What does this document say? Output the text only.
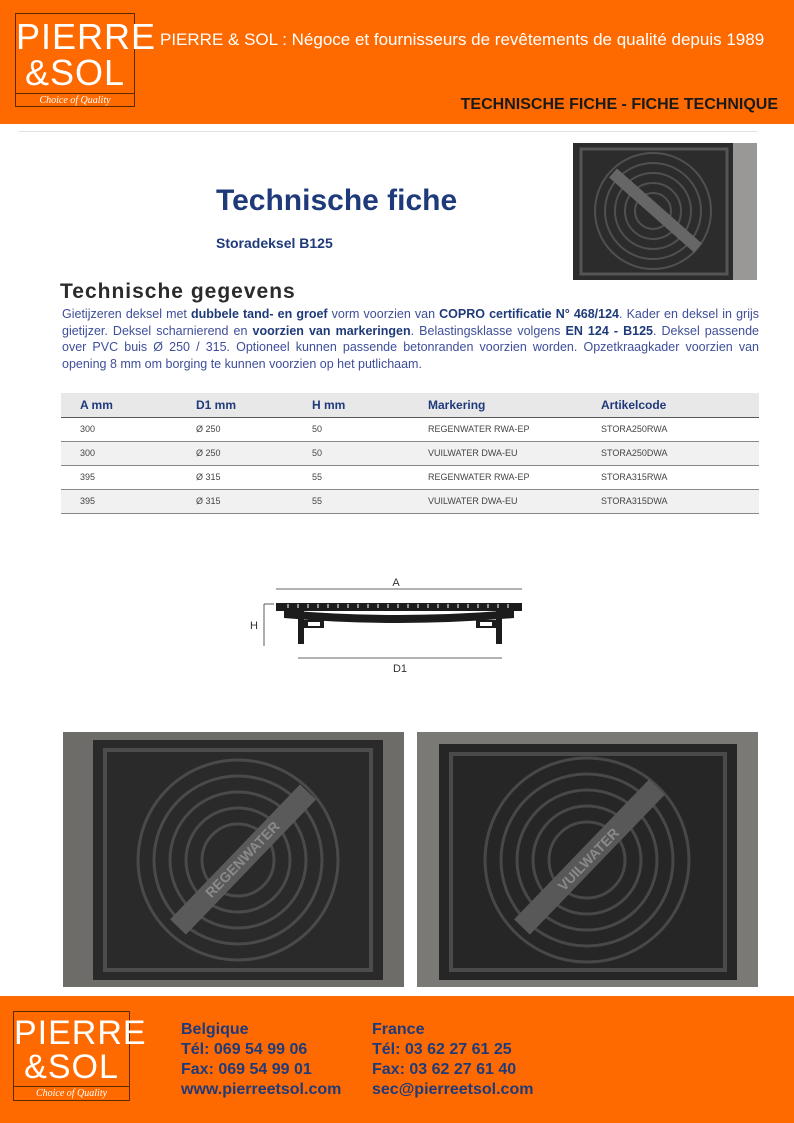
PIERRE
&SOL
Choice of Quality
PIERRE & SOL : Négoce et fournisseurs de revêtements de qualité depuis 1989
TECHNISCHE FICHE - FICHE TECHNIQUE
Technische fiche
Storadeksel B125
Technische gegevens
Gietijzeren deksel met dubbele tand- en groef vorm voorzien van COPRO certificatie N° 468/124. Kader en deksel in grijs gietijzer. Deksel scharnierend en voorzien van markeringen. Belastingsklasse volgens EN 124 - B125. Deksel passende over PVC buis Ø 250 / 315. Optioneel kunnen passende betonranden voorzien worden. Opzetkraagkader voorzien van opening 8 mm om borging te kunnen voorzien op het putlichaam.
A mm	D1 mm	H mm	Markering	Artikelcode
300	Ø 250	50	REGENWATER RWA-EP	STORA250RWA
300	Ø 250	50	VUILWATER DWA-EU	STORA250DWA
395	Ø 315	55	REGENWATER RWA-EP	STORA315RWA
395	Ø 315	55	VUILWATER DWA-EU	STORA315DWA
A
H
D1
REGENWATER	VUILWATER
PIERRE
&SOL
Choice of Quality
Belgique
Tél: 069 54 99 06
Fax: 069 54 99 01
www.pierreetsol.com
France
Tél: 03 62 27 61 25
Fax: 03 62 27 61 40
sec@pierreetsol.com
